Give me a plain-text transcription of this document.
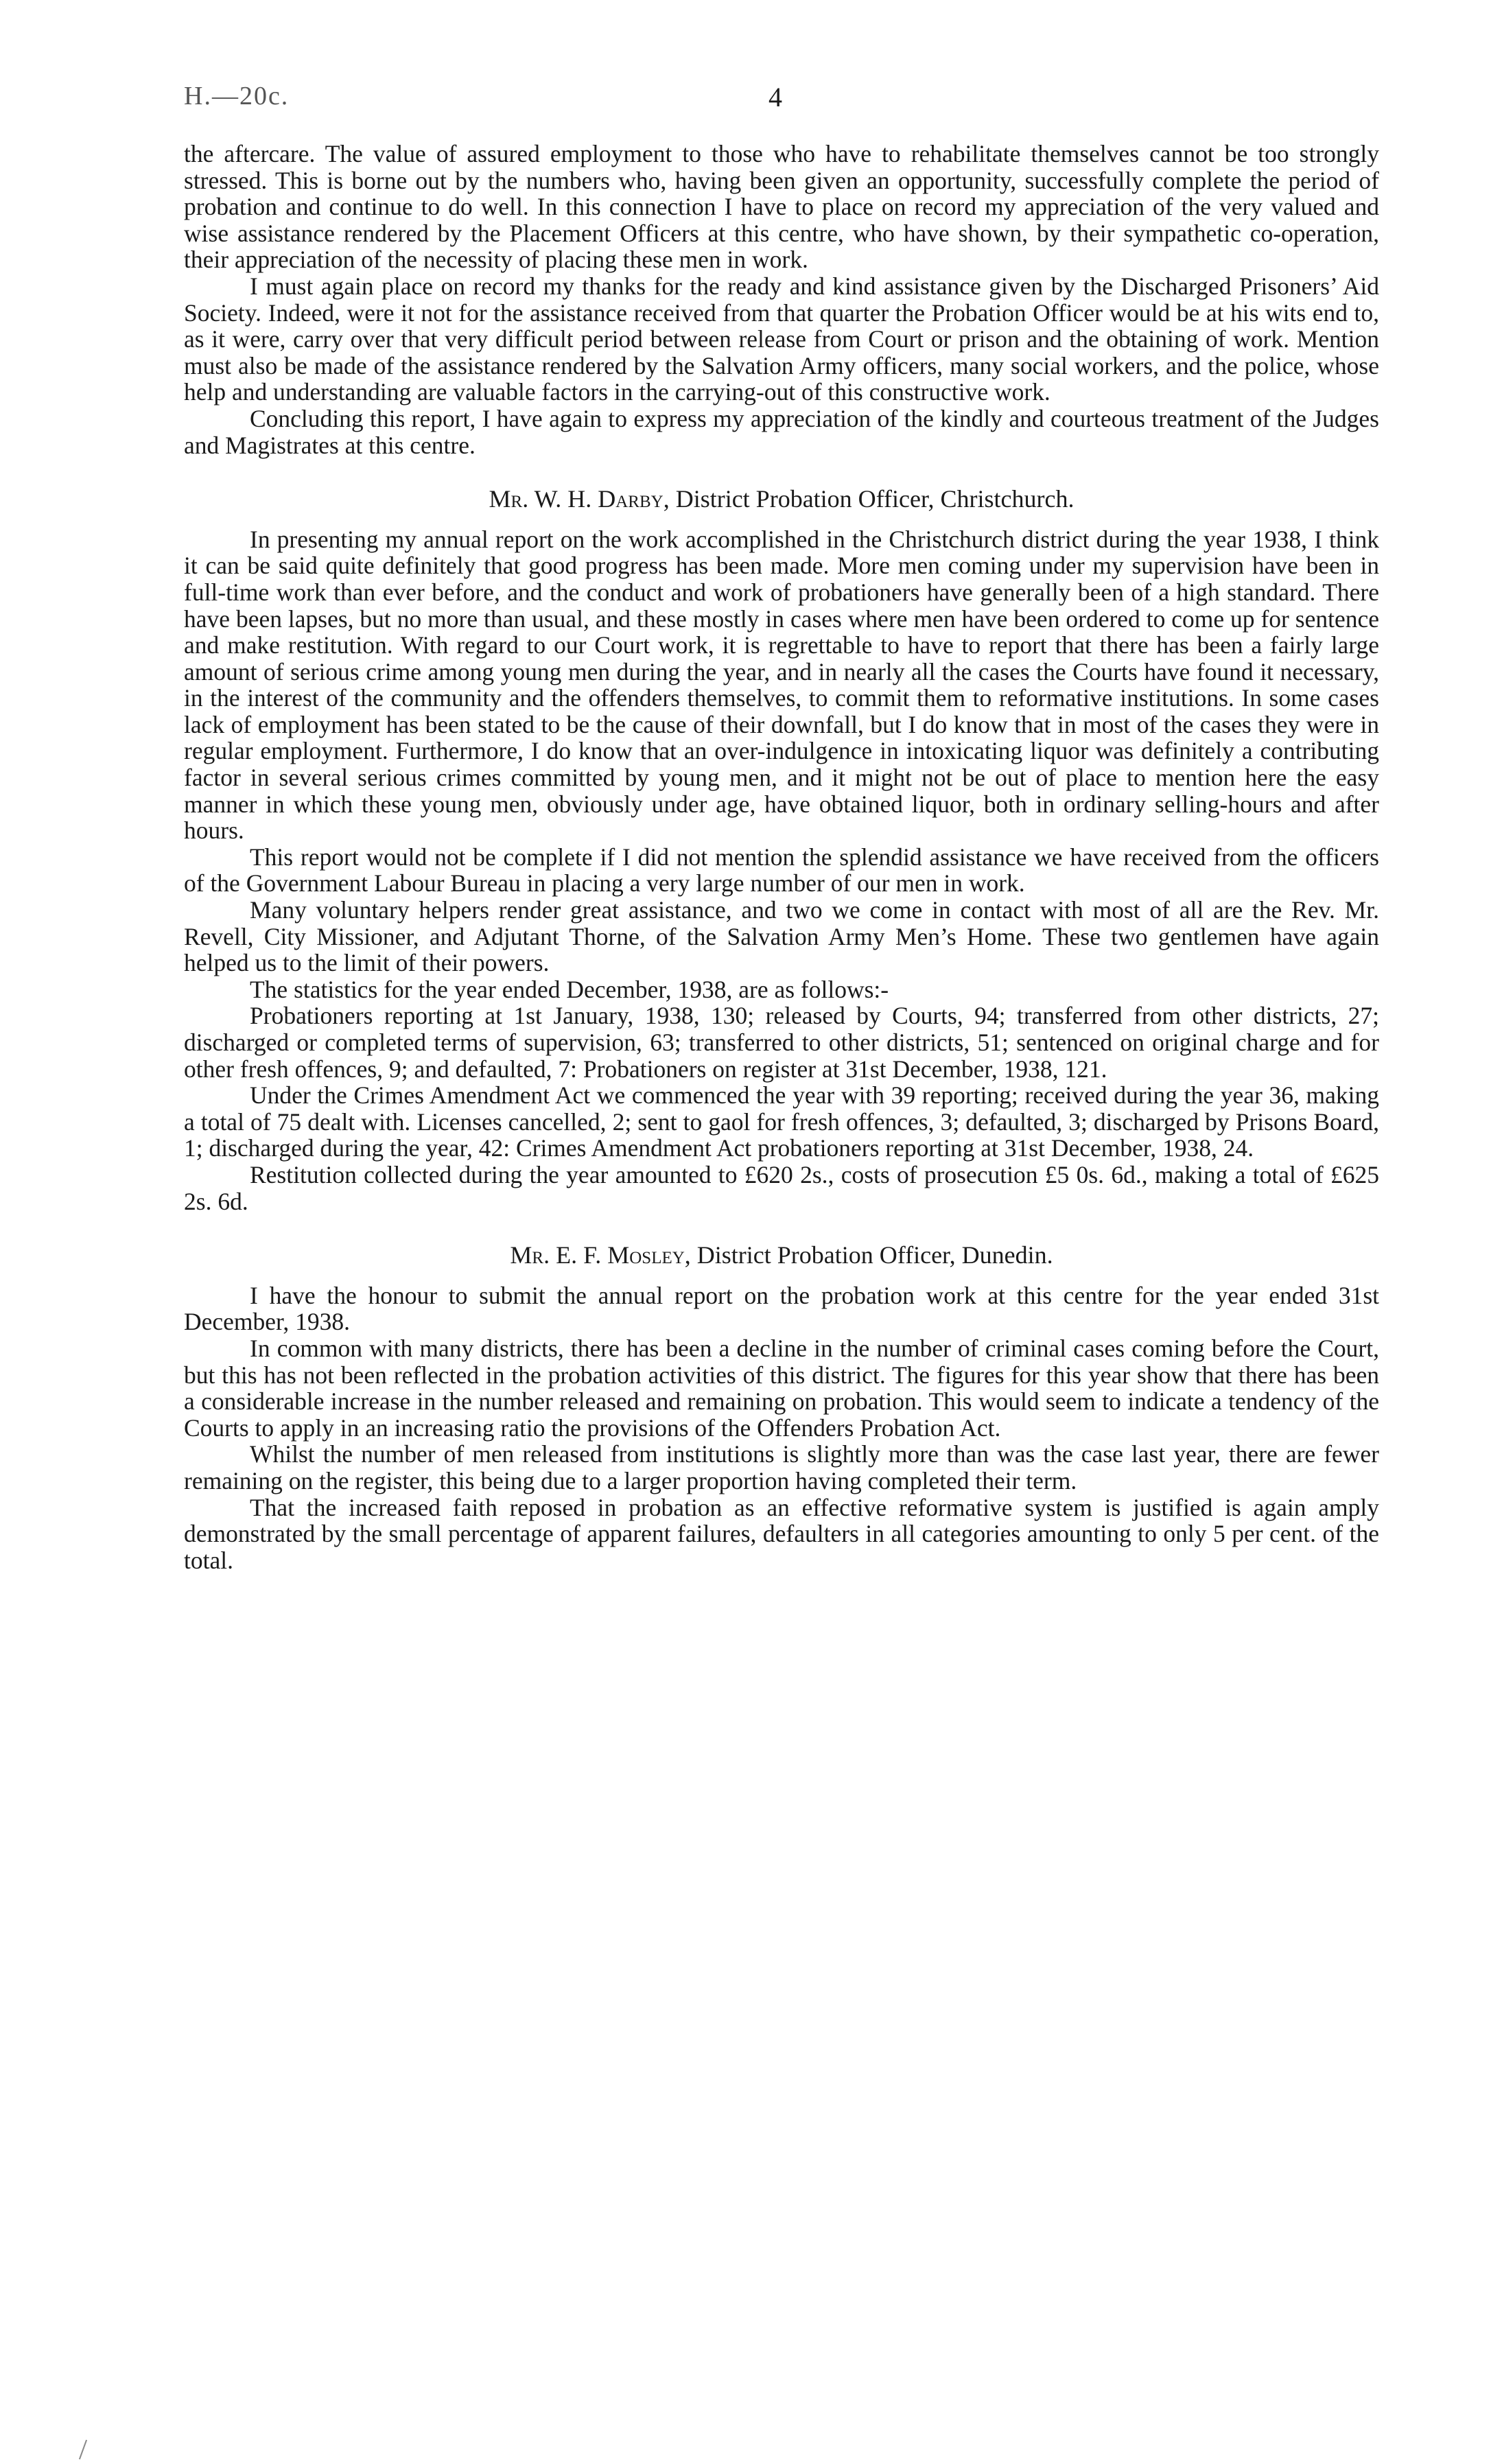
H.—20c.	4

the aftercare. The value of assured employment to those who have to rehabilitate themselves cannot be too strongly stressed. This is borne out by the numbers who, having been given an opportunity, successfully complete the period of probation and continue to do well. In this connection I have to place on record my appreciation of the very valued and wise assistance rendered by the Placement Officers at this centre, who have shown, by their sympathetic co-operation, their appreciation of the necessity of placing these men in work.

I must again place on record my thanks for the ready and kind assistance given by the Discharged Prisoners’ Aid Society. Indeed, were it not for the assistance received from that quarter the Probation Officer would be at his wits end to, as it were, carry over that very difficult period between release from Court or prison and the obtaining of work. Mention must also be made of the assistance rendered by the Salvation Army officers, many social workers, and the police, whose help and understanding are valuable factors in the carrying-out of this constructive work.

Concluding this report, I have again to express my appreciation of the kindly and courteous treatment of the Judges and Magistrates at this centre.

Mr. W. H. Darby, District Probation Officer, Christchurch.

In presenting my annual report on the work accomplished in the Christchurch district during the year 1938, I think it can be said quite definitely that good progress has been made. More men coming under my supervision have been in full-time work than ever before, and the conduct and work of probationers have generally been of a high standard. There have been lapses, but no more than usual, and these mostly in cases where men have been ordered to come up for sentence and make restitution. With regard to our Court work, it is regrettable to have to report that there has been a fairly large amount of serious crime among young men during the year, and in nearly all the cases the Courts have found it necessary, in the interest of the community and the offenders themselves, to commit them to reformative institutions. In some cases lack of employment has been stated to be the cause of their downfall, but I do know that in most of the cases they were in regular employment. Furthermore, I do know that an over-indulgence in intoxicating liquor was definitely a contributing factor in several serious crimes committed by young men, and it might not be out of place to mention here the easy manner in which these young men, obviously under age, have obtained liquor, both in ordinary selling-hours and after hours.

This report would not be complete if I did not mention the splendid assistance we have received from the officers of the Government Labour Bureau in placing a very large number of our men in work.

Many voluntary helpers render great assistance, and two we come in contact with most of all are the Rev. Mr. Revell, City Missioner, and Adjutant Thorne, of the Salvation Army Men’s Home. These two gentlemen have again helped us to the limit of their powers.

The statistics for the year ended December, 1938, are as follows:-

Probationers reporting at 1st January, 1938, 130; released by Courts, 94; transferred from other districts, 27; discharged or completed terms of supervision, 63; transferred to other districts, 51; sentenced on original charge and for other fresh offences, 9; and defaulted, 7: Probationers on register at 31st December, 1938, 121.

Under the Crimes Amendment Act we commenced the year with 39 reporting; received during the year 36, making a total of 75 dealt with. Licenses cancelled, 2; sent to gaol for fresh offences, 3; defaulted, 3; discharged by Prisons Board, 1; discharged during the year, 42: Crimes Amendment Act probationers reporting at 31st December, 1938, 24.

Restitution collected during the year amounted to £620 2s., costs of prosecution £5 0s. 6d., making a total of £625 2s. 6d.

Mr. E. F. Mosley, District Probation Officer, Dunedin.

I have the honour to submit the annual report on the probation work at this centre for the year ended 31st December, 1938.

In common with many districts, there has been a decline in the number of criminal cases coming before the Court, but this has not been reflected in the probation activities of this district. The figures for this year show that there has been a considerable increase in the number released and remaining on probation. This would seem to indicate a tendency of the Courts to apply in an increasing ratio the provisions of the Offenders Probation Act.

Whilst the number of men released from institutions is slightly more than was the case last year, there are fewer remaining on the register, this being due to a larger proportion having completed their term.

That the increased faith reposed in probation as an effective reformative system is justified is again amply demonstrated by the small percentage of apparent failures, defaulters in all categories amounting to only 5 per cent. of the total.
